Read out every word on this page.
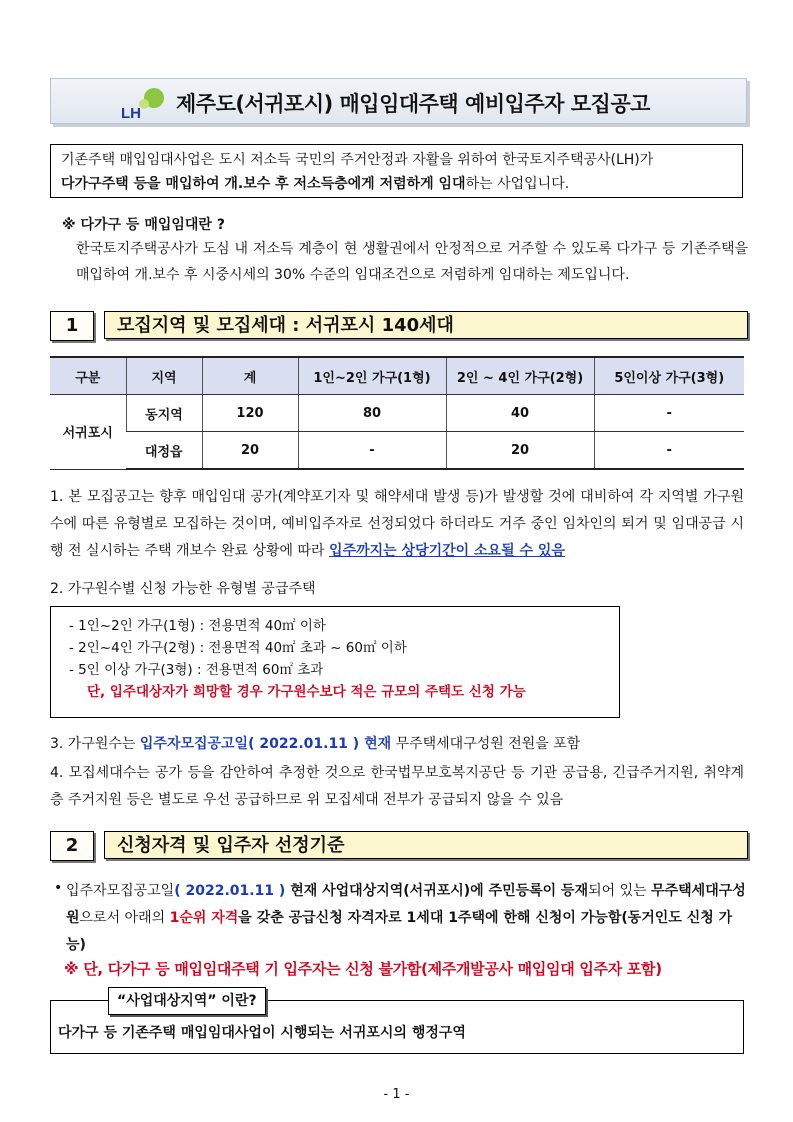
LH 제주도(서귀포시) 매입임대주택 예비입주자 모집공고
기존주택 매입임대사업은 도시 저소득 국민의 주거안정과 자활을 위하여 한국토지주택공사(LH)가
다가구주택 등을 매입하여 개.보수 후 저소득층에게 저렴하게 임대하는 사업입니다.
※ 다가구 등 매입임대란 ?
한국토지주택공사가 도심 내 저소득 계층이 현 생활권에서 안정적으로 거주할 수 있도록 다가구 등 기존주택을 매입하여 개.보수 후 시중시세의 30% 수준의 임대조건으로 저렴하게 임대하는 제도입니다.
1	모집지역 및 모집세대 : 서귀포시 140세대
구분	지역	계	1인~2인 가구(1형)	2인 ~ 4인 가구(2형)	5인이상 가구(3형)
서귀포시	동지역	120	80	40	-
	대정읍	20	-	20	-
1. 본 모집공고는 향후 매입임대 공가(계약포기자 및 해약세대 발생 등)가 발생할 것에 대비하여 각 지역별 가구원수에 따른 유형별로 모집하는 것이며, 예비입주자로 선정되었다 하더라도 거주 중인 임차인의 퇴거 및 임대공급 시행 전 실시하는 주택 개보수 완료 상황에 따라 입주까지는 상당기간이 소요될 수 있음
2. 가구원수별 신청 가능한 유형별 공급주택
- 1인~2인 가구(1형) : 전용면적 40㎡ 이하
- 2인~4인 가구(2형) : 전용면적 40㎡ 초과 ~ 60㎡ 이하
- 5인 이상 가구(3형) : 전용면적 60㎡ 초과
단, 입주대상자가 희망할 경우 가구원수보다 적은 규모의 주택도 신청 가능
3. 가구원수는 입주자모집공고일( 2022.01.11 ) 현재 무주택세대구성원 전원을 포함
4. 모집세대수는 공가 등을 감안하여 추정한 것으로 한국법무보호복지공단 등 기관 공급용, 긴급주거지원, 취약계층 주거지원 등은 별도로 우선 공급하므로 위 모집세대 전부가 공급되지 않을 수 있음
2	신청자격 및 입주자 선정기준
• 입주자모집공고일( 2022.01.11 ) 현재 사업대상지역(서귀포시)에 주민등록이 등재되어 있는 무주택세대구성원으로서 아래의 1순위 자격을 갖춘 공급신청 자격자로 1세대 1주택에 한해 신청이 가능함(동거인도 신청 가능)
※ 단, 다가구 등 매입임대주택 기 입주자는 신청 불가함(제주개발공사 매입임대 입주자 포함)
“사업대상지역” 이란?
다가구 등 기존주택 매입임대사업이 시행되는 서귀포시의 행정구역
- 1 -
